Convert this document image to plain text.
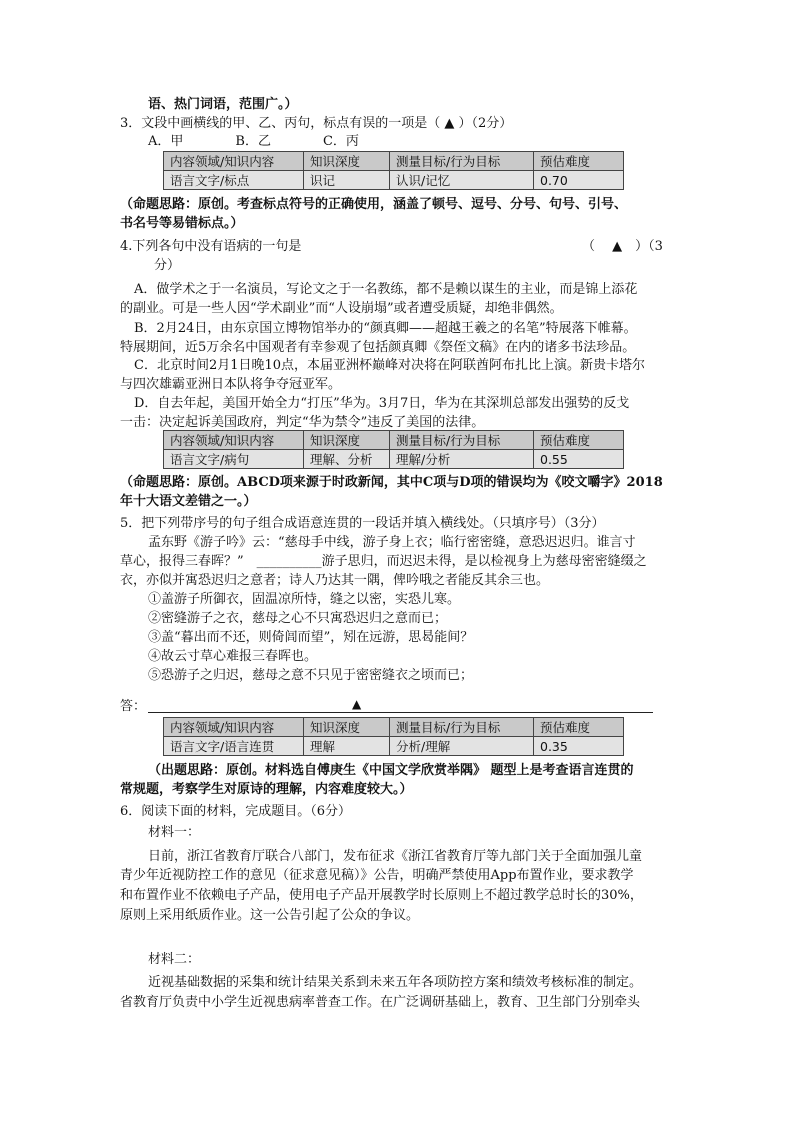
语、热门词语，范围广。）
3．文段中画横线的甲、乙、丙句，标点有误的一项是（ ▲ ）（2分）
A．甲　　　　B．乙　　　　C．丙
内容领域/知识内容	知识深度	测量目标/行为目标	预估难度
语言文字/标点	识记	认识/记忆	0.70
（命题思路：原创。考查标点符号的正确使用，涵盖了顿号、逗号、分号、句号、引号、
书名号等易错标点。）
4.下列各句中没有语病的一句是	（　 ▲　）（3
分）
A．做学术之于一名演员，写论文之于一名教练，都不是赖以谋生的主业，而是锦上添花
的副业。可是一些人因“学术副业”而“人设崩塌”或者遭受质疑，却绝非偶然。
B．2月24日，由东京国立博物馆举办的“颜真卿——超越王羲之的名笔”特展落下帷幕。
特展期间，近5万余名中国观者有幸参观了包括颜真卿《祭侄文稿》在内的诸多书法珍品。
C．北京时间2月1日晚10点，本届亚洲杯巅峰对决将在阿联酋阿布扎比上演。新贵卡塔尔
与四次雄霸亚洲日本队将争夺冠亚军。
D．自去年起，美国开始全力“打压”华为。3月7日，华为在其深圳总部发出强势的反戈
一击：决定起诉美国政府，判定“华为禁令”违反了美国的法律。
内容领域/知识内容	知识深度	测量目标/行为目标	预估难度
语言文字/病句	理解、分析	理解/分析	0.55
（命题思路：原创。ABCD项来源于时政新闻，其中C项与D项的错误均为《咬文嚼字》2018
年十大语文差错之一。）
5．把下列带序号的句子组合成语意连贯的一段话并填入横线处。（只填序号）（3分）
孟东野《游子吟》云：“慈母手中线，游子身上衣；临行密密缝，意恐迟迟归。谁言寸
草心，报得三春晖？”　__________游子思归，而迟迟未得，是以检视身上为慈母密密缝缀之
衣，亦似并寓恐迟归之意者；诗人乃达其一隅，俾吟哦之者能反其余三也。
①盖游子所御衣，固温凉所恃，缝之以密，实恐儿寒。
②密缝游子之衣，慈母之心不只寓恐迟归之意而已；
③盖“暮出而不还，则倚闾而望”，矧在远游，思曷能间？
④故云寸草心难报三春晖也。
⑤恐游子之归迟，慈母之意不只见于密密缝衣之顷而已；
答：	▲
内容领域/知识内容	知识深度	测量目标/行为目标	预估难度
语言文字/语言连贯	理解	分析/理解	0.35
（出题思路：原创。材料选自傅庚生《中国文学欣赏举隅》 题型上是考查语言连贯的
常规题，考察学生对原诗的理解，内容难度较大。）
6．阅读下面的材料，完成题目。（6分）
材料一：
日前，浙江省教育厅联合八部门，发布征求《浙江省教育厅等九部门关于全面加强儿童
青少年近视防控工作的意见（征求意见稿）》公告，明确严禁使用App布置作业，要求教学
和布置作业不依赖电子产品，使用电子产品开展教学时长原则上不超过教学总时长的30%，
原则上采用纸质作业。这一公告引起了公众的争议。
材料二：
近视基础数据的采集和统计结果关系到未来五年各项防控方案和绩效考核标准的制定。
省教育厅负责中小学生近视患病率普查工作。在广泛调研基础上，教育、卫生部门分别牵头
